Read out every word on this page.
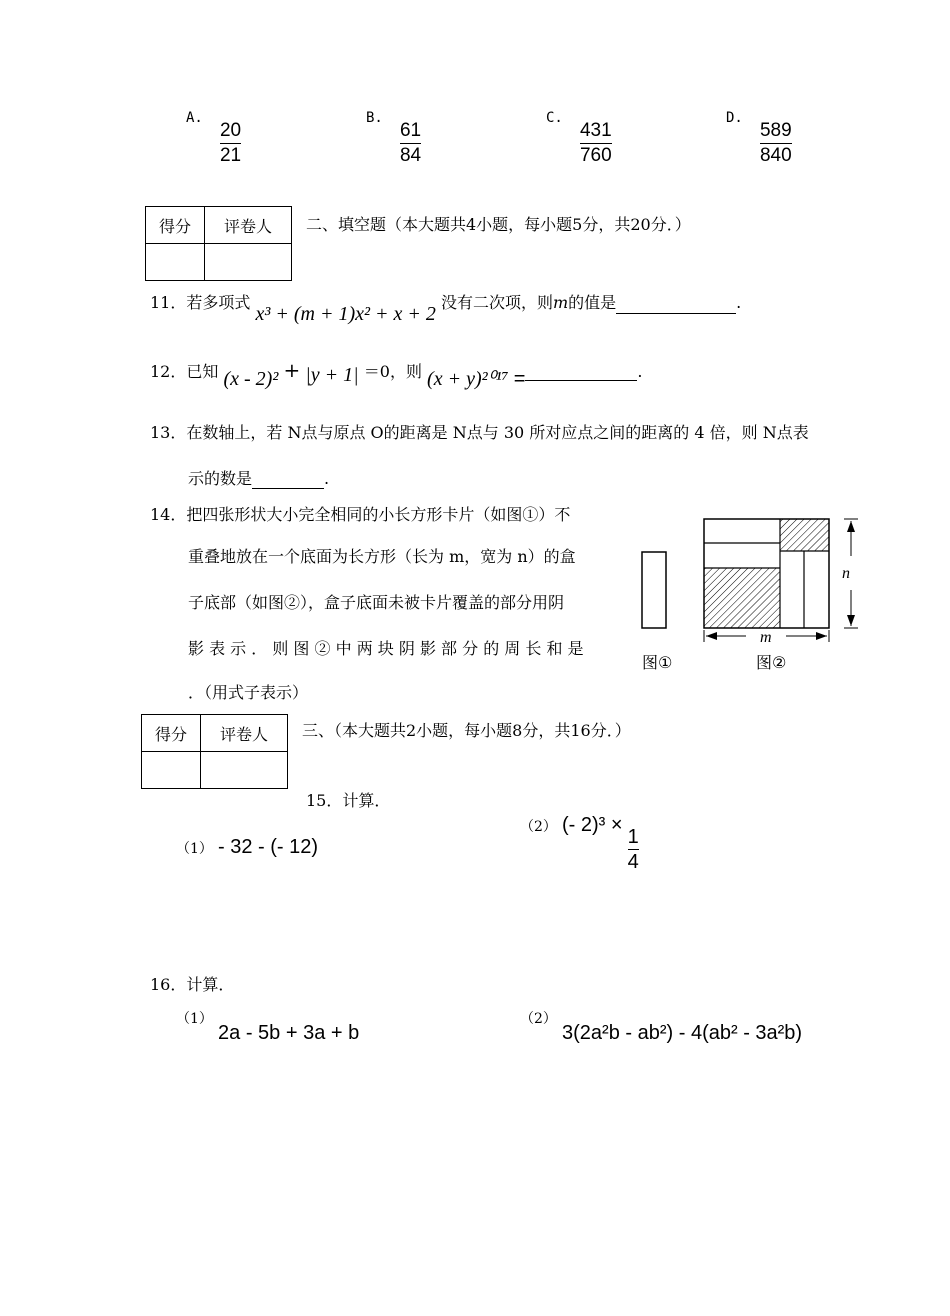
A.
$\frac{20}{21}$
B.
$\frac{61}{84}$
C.
$\frac{431}{760}$
D.
$\frac{589}{840}$
得分	评卷人
	二、填空题（本大题共4小题，每小题5分，共20分．）
11．若多项式 x³ + (m + 1)x² + x + 2 没有二次项，则m的值是	.
12．已知 (x - 2)² + |y + 1| ＝0，则 (x + y)²⁰¹⁷ =	.
13．在数轴上，若 N点与原点 O的距离是 N点与 30 所对应点之间的距离的 4 倍，则 N点表
示的数是	.
14．把四张形状大小完全相同的小长方形卡片（如图①）不
重叠地放在一个底面为长方形（长为 m，宽为 n）的盒
子底部（如图②），盒子底面未被卡片覆盖的部分用阴
影 表 示 ． 则 图 ② 中 两 块 阴 影 部 分 的 周 长 和 是
．（用式子表示）
图①
n
m
图②
得分	评卷人
	三、（本大题共2小题，每小题8分，共16分．）
15．计算．
（1） - 32 - (- 12)
（2） (- 2)³ ×
$\frac{1}{4}$
16．计算．
（1） 2a - 5b + 3a + b
（2） 3(2a²b - ab²) - 4(ab² - 3a²b)
